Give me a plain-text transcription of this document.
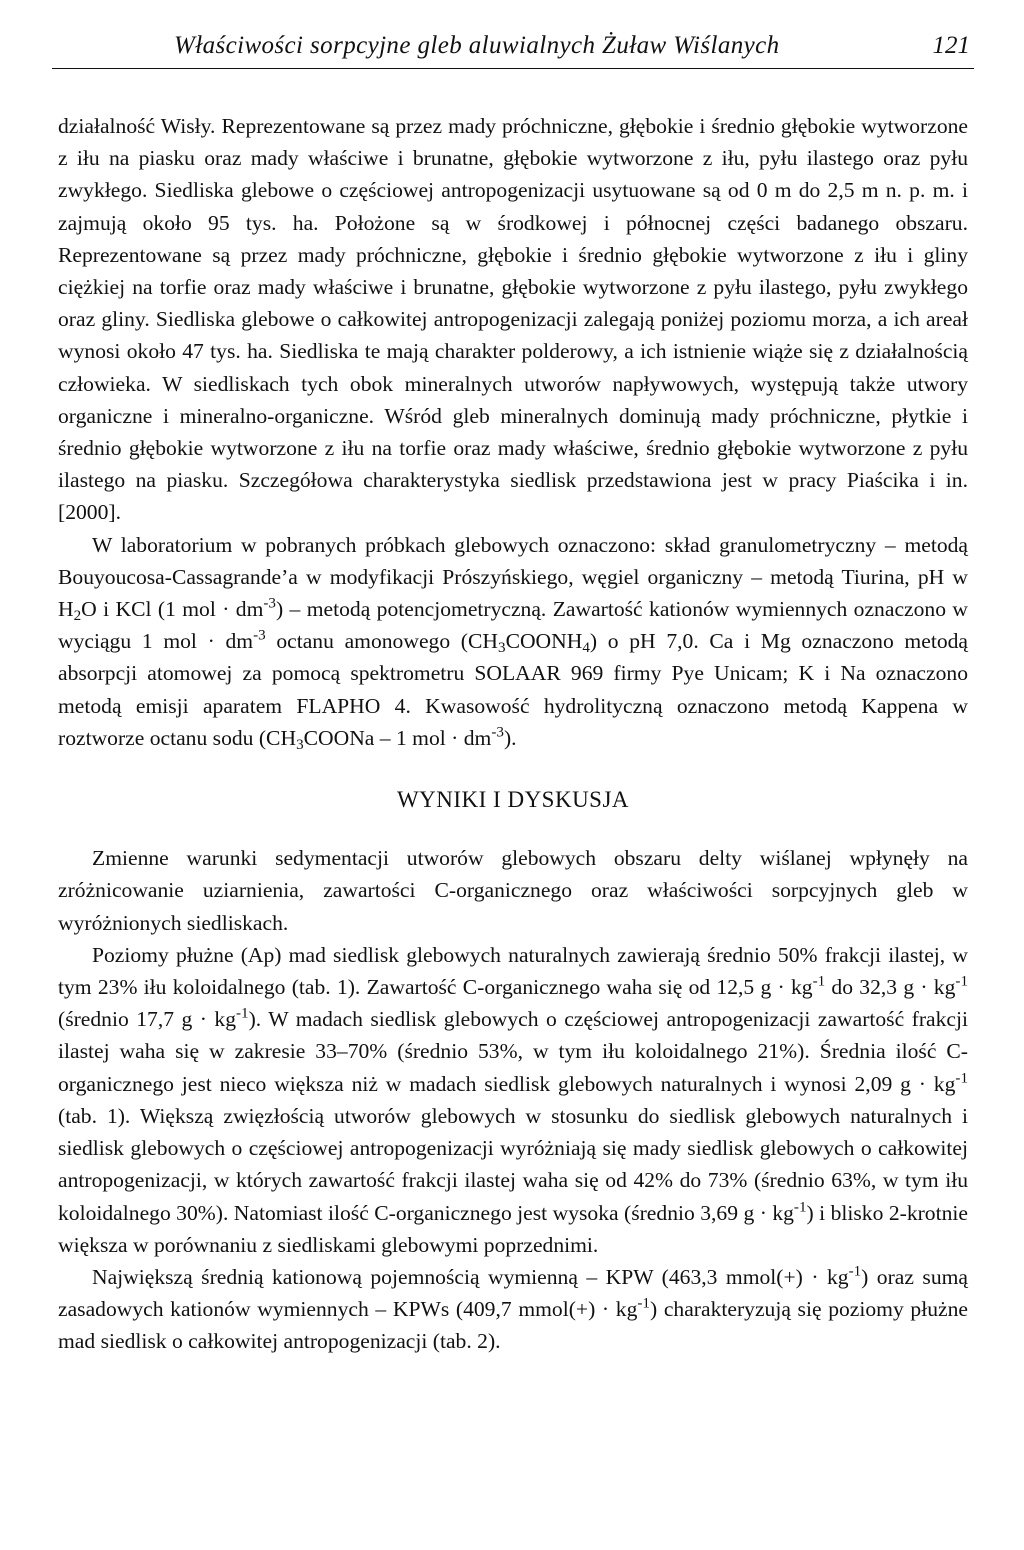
Właściwości sorpcyjne gleb aluwialnych Żuław Wiślanych	121

działalność Wisły. Reprezentowane są przez mady próchniczne, głębokie i średnio głębokie wytworzone z iłu na piasku oraz mady właściwe i brunatne, głębokie wytworzone z iłu, pyłu ilastego oraz pyłu zwykłego. Siedliska glebowe o częściowej antropogenizacji usytuowane są od 0 m do 2,5 m n. p. m. i zajmują około 95 tys. ha. Położone są w środkowej i północnej części badanego obszaru. Reprezentowane są przez mady próchniczne, głębokie i średnio głębokie wytworzone z iłu i gliny ciężkiej na torfie oraz mady właściwe i brunatne, głębokie wytworzone z pyłu ilastego, pyłu zwykłego oraz gliny. Siedliska glebowe o całkowitej antropogenizacji zalegają poniżej poziomu morza, a ich areał wynosi około 47 tys. ha. Siedliska te mają charakter polderowy, a ich istnienie wiąże się z działalnością człowieka. W siedliskach tych obok mineralnych utworów napływowych, występują także utwory organiczne i mineralno-organiczne. Wśród gleb mineralnych dominują mady próchniczne, płytkie i średnio głębokie wytworzone z iłu na torfie oraz mady właściwe, średnio głębokie wytworzone z pyłu ilastego na piasku. Szczegółowa charakterystyka siedlisk przedstawiona jest w pracy Piaścika i in. [2000].

W laboratorium w pobranych próbkach glebowych oznaczono: skład granulometryczny – metodą Bouyoucosa-Cassagrande’a w modyfikacji Prószyńskiego, węgiel organiczny – metodą Tiurina, pH w $H_2O$ i KCl (1 mol · $dm^{-3}$) – metodą potencjometryczną. Zawartość kationów wymiennych oznaczono w wyciągu 1 mol · $dm^{-3}$ octanu amonowego $(CH_3COONH_4)$ o pH 7,0. Ca i Mg oznaczono metodą absorpcji atomowej za pomocą spektrometru SOLAAR 969 firmy Pye Unicam; K i Na oznaczono metodą emisji aparatem FLAPHO 4. Kwasowość hydrolityczną oznaczono metodą Kappena w roztworze octanu sodu ($CH_3COONa - 1$ mol · $dm^{-3}$).

WYNIKI I DYSKUSJA

Zmienne warunki sedymentacji utworów glebowych obszaru delty wiślanej wpłynęły na zróżnicowanie uziarnienia, zawartości C-organicznego oraz właściwości sorpcyjnych gleb w wyróżnionych siedliskach.

Poziomy płużne (Ap) mad siedlisk glebowych naturalnych zawierają średnio 50% frakcji ilastej, w tym 23% iłu koloidalnego (tab. 1). Zawartość C-organicznego waha się od 12,5 $g \cdot kg^{-1}$ do 32,3 $g \cdot kg^{-1}$ (średnio 17,7 $g \cdot kg^{-1}$). W madach siedlisk glebowych o częściowej antropogenizacji zawartość frakcji ilastej waha się w zakresie 33–70% (średnio 53%, w tym iłu koloidalnego 21%). Średnia ilość C-organicznego jest nieco większa niż w madach siedlisk glebowych naturalnych i wynosi 2,09 $g \cdot kg^{-1}$ (tab. 1). Większą zwięzłością utworów glebowych w stosunku do siedlisk glebowych naturalnych i siedlisk glebowych o częściowej antropogenizacji wyróżniają się mady siedlisk glebowych o całkowitej antropogenizacji, w których zawartość frakcji ilastej waha się od 42% do 73% (średnio 63%, w tym iłu koloidalnego 30%). Natomiast ilość C-organicznego jest wysoka (średnio 3,69 $g \cdot kg^{-1}$) i blisko 2-krotnie większa w porównaniu z siedliskami glebowymi poprzednimi.

Największą średnią kationową pojemnością wymienną – KPW (463,3 mmol(+) · $kg^{-1}$) oraz sumą zasadowych kationów wymiennych – KPWs (409,7 mmol(+) · $kg^{-1}$) charakteryzują się poziomy płużne mad siedlisk o całkowitej antropogenizacji (tab. 2).
